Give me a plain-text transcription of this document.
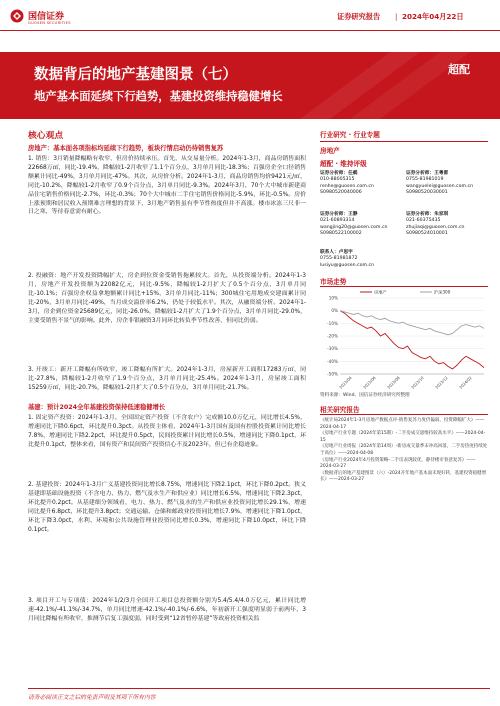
国信证券
GUOSEN SECURITIES
证券研究报告 | 2024年04月22日
数据背后的地产基建图景（七）
地产基本面延续下行趋势，基建投资维持稳健增长
超配
核心观点
房地产：基本面各项指标均延续下行趋势，板块行情启动仍待销售复苏

1. 销售：3月销量降幅略有收窄，但房价持续承压。首先，从交易量分析。2024年1-3月，商品房销售面积22668万㎡，同比-19.4%，降幅较1-2月收窄了1.1个百分点，3月单月同比-18.3%；百强房企全口径销售额累计同比-49%，3月单月同比-47%。其次，从房价分析。2024年1-3月，商品房销售均价9421元/㎡，同比-10.2%，降幅较1-2月收窄了0.9个百分点，3月单月同比-9.3%。2024年3月，70个大中城市新建商品住宅销售价格同比-2.7%，环比-0.3%；70个大中城市二手住宅销售价格同比-5.9%，环比-0.5%。房价上涨预期和居民收入预期难言理想的背景下，3月地产销售虽有季节性热度但并不高涨。楼市冰冻三尺非一日之寒，等待春意需有耐心。

2. 投融资：地产开发投资降幅扩大，房企到位资金受销售拖累较大。首先，从投资端分析。2024年1-3月，房地产开发投资额为22082亿元，同比-9.5%，降幅较1-2月扩大了0.5个百分点，3月单月同比-10.1%；百强房企权益拿地额累计同比+15%，3月单月同比-11%；300城住宅用地成交建面累计同比-20%，3月单月同比-49%，当月成交溢价率6.2%，仍处于较低水平。其次，从融资端分析。2024年1-3月，房企到位资金25689亿元，同比-26.0%，降幅较1-2月扩大了1.9个百分点，3月单月同比-29.0%，主要受销售不景气的影响。此外，房企非银融资3月同环比转负季节性改善，但同比仍弱。

3. 开竣工：新开工降幅有所收窄，竣工降幅有所扩大。2024年1-3月，房屋新开工面积17283万㎡，同比-27.8%，降幅较1-2月收窄了1.9个百分点，3月单月同比-25.4%。2024年1-3月，房屋竣工面积15259万㎡，同比-20.7%，降幅较1-2月扩大了0.5个百分点，3月单月同比-21.7%。

基建：预计2024全年基建投资保持低速稳健增长

1. 固定资产投资：2024年1-3月，全国固定资产投资（不含农户）完成额10.0万亿元，同比增长4.5%，增速同比下降0.6pct，环比提升0.3pct。从投资主体看，2024年1-3月国有及国有控股投资累计同比增长7.8%，增速同比下降2.2pct，环比提升0.5pct，民间投资累计同比增长0.5%，增速同比下降0.1pct，环比提升0.1pct，整体来看，国有资产和民间资产投资信心不及2023年，但已有企稳迹象。

2. 基建投资：2024年1-3月广义基建投资同比增长8.75%，增速同比下降2.1pct，环比下降0.2pct。狭义基建即基础设施投资（不含电力、热力、燃气及水生产和供应业）同比增长6.5%，增速同比下降2.3pct，环比提升0.2pct。从基建细分领域看，电力、热力、燃气及水的生产和供应业投资同比增长29.1%，增速同比提升6.8pct，环比提升3.8pct；交通运输、仓储和邮政业投资同比增长7.9%，增速同比下降1.0pct，环比下降3.0pct，水利、环境和公共设施管理业投资同比增长0.3%，增速同比下降10.0pct，环比下降0.1pct。

3. 项目开工与专项债：2024年1/2/3月全国开工项目总投资额分别为5.4/5.4/4.0万亿元，累计同比增速-42.1%/-41.1%/-34.7%，单月同比增速-42.1%/-40.1%/-6.6%，年初新开工强度明显弱于前两年，3月同比降幅有所收窄，推测节后复工强度弱，同时受到“12省暂停基建”等政府投资相关监

行业研究 · 行业专题
房地产
超配 · 维持评级
证券分析师：任鹤
010-88005315
renhe@guosen.com.cn
S0980520040006
证券分析师：王粤雷
0755-81981019
wangyuelei@guosen.com.cn
S0980520030001
证券分析师：王静
021-60893314
wangjing20@guosen.com.cn
S0980522100002
证券分析师：朱家琪
021-60375435
zhujiaqi@guosen.com.cn
S0980524010001
联系人：卢思宇
0755-81981872
lusiyu@guosen.com.cn
市场走势
10%
0%
-10%
-20%
-30%
-40%
-50%
2023/04 2023/06 2023/08 2023/10 2023/12 2024/02
房地产	沪深300
资料来源：Wind、国信证券经济研究所整理
相关研究报告
《统计局2024年1-3月房地产数据点评-销售复苏力度仍偏弱，投资降幅扩大》——2024-04-17
《房地产行业专题（2024年第15期）-二手房成交量维持较高水平》——2024-04-15
《房地产行业周报（2024年第14周）-新房成交量季末冲高回落，二手房热度持续处于高位》——2024-04-08
《房地产行业2024年4月投资策略-二手房表现较优，静待楼市春意复苏》——2024-03-27
《数据背后的地产基建图景（六）-2024开年地产基本面未现好转，基建投资稳健增长》——2024-03-27
请务必阅读正文之后的免责声明及其项下所有内容
